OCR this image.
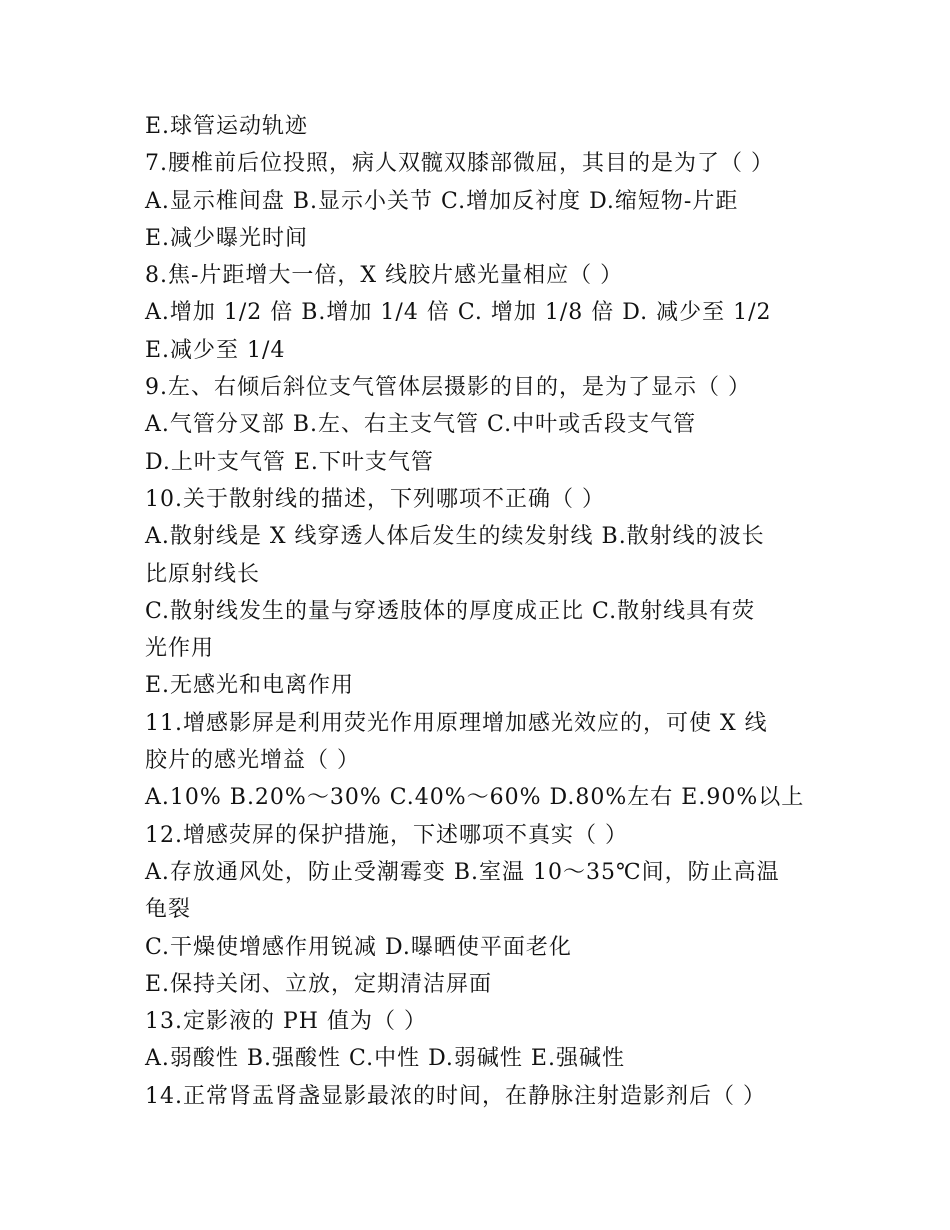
E.球管运动轨迹
7.腰椎前后位投照，病人双髋双膝部微屈，其目的是为了（ ）
A.显示椎间盘 B.显示小关节 C.增加反衬度 D.缩短物-片距
E.减少曝光时间
8.焦-片距增大一倍，X 线胶片感光量相应（ ）
A.增加 1/2 倍 B.增加 1/4 倍 C. 增加 1/8 倍 D. 减少至 1/2
E.减少至 1/4
9.左、右倾后斜位支气管体层摄影的目的，是为了显示（ ）
A.气管分叉部 B.左、右主支气管 C.中叶或舌段支气管
D.上叶支气管 E.下叶支气管
10.关于散射线的描述，下列哪项不正确（ ）
A.散射线是 X 线穿透人体后发生的续发射线 B.散射线的波长
比原射线长
C.散射线发生的量与穿透肢体的厚度成正比 C.散射线具有荧
光作用
E.无感光和电离作用
11.增感影屏是利用荧光作用原理增加感光效应的，可使 X 线
胶片的感光增益（ ）
A.10% B.20%～30% C.40%～60% D.80%左右 E.90%以上
12.增感荧屏的保护措施，下述哪项不真实（ ）
A.存放通风处，防止受潮霉变 B.室温 10～35℃间，防止高温
龟裂
C.干燥使增感作用锐减 D.曝晒使平面老化
E.保持关闭、立放，定期清洁屏面
13.定影液的 PH 值为（ ）
A.弱酸性 B.强酸性 C.中性 D.弱碱性 E.强碱性
14.正常肾盂肾盏显影最浓的时间，在静脉注射造影剂后（ ）
